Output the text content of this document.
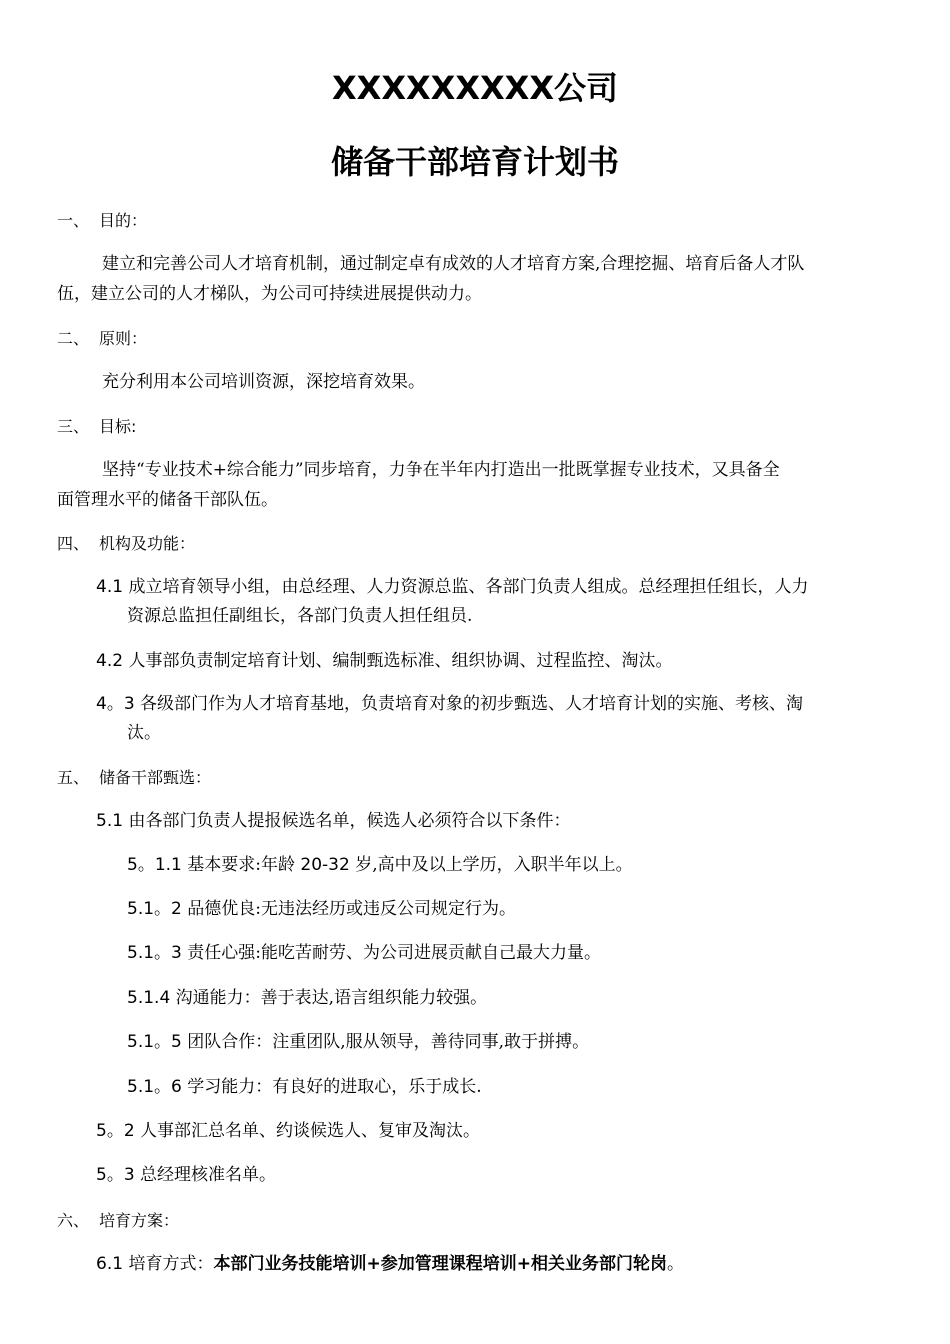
XXXXXXXXX公司
储备干部培育计划书
一、 目的：
建立和完善公司人才培育机制，通过制定卓有成效的人才培育方案,合理挖掘、培育后备人才队
伍，建立公司的人才梯队，为公司可持续进展提供动力。
二、 原则：
充分利用本公司培训资源，深挖培育效果。
三、 目标:
坚持“专业技术+综合能力”同步培育，力争在半年内打造出一批既掌握专业技术，又具备全
面管理水平的储备干部队伍。
四、 机构及功能：
4.1 成立培育领导小组，由总经理、人力资源总监、各部门负责人组成。总经理担任组长，人力
资源总监担任副组长，各部门负责人担任组员.
4.2 人事部负责制定培育计划、编制甄选标准、组织协调、过程监控、淘汰。
4。3 各级部门作为人才培育基地，负责培育对象的初步甄选、人才培育计划的实施、考核、淘
汰。
五、 储备干部甄选：
5.1 由各部门负责人提报候选名单，候选人必须符合以下条件：
5。1.1 基本要求:年龄 20-32 岁,高中及以上学历，入职半年以上。
5.1。2 品德优良:无违法经历或违反公司规定行为。
5.1。3 责任心强:能吃苦耐劳、为公司进展贡献自己最大力量。
5.1.4 沟通能力：善于表达,语言组织能力较强。
5.1。5 团队合作：注重团队,服从领导，善待同事,敢于拼搏。
5.1。6 学习能力：有良好的进取心，乐于成长.
5。2 人事部汇总名单、约谈候选人、复审及淘汰。
5。3 总经理核准名单。
六、 培育方案：
6.1 培育方式：本部门业务技能培训+参加管理课程培训+相关业务部门轮岗。
